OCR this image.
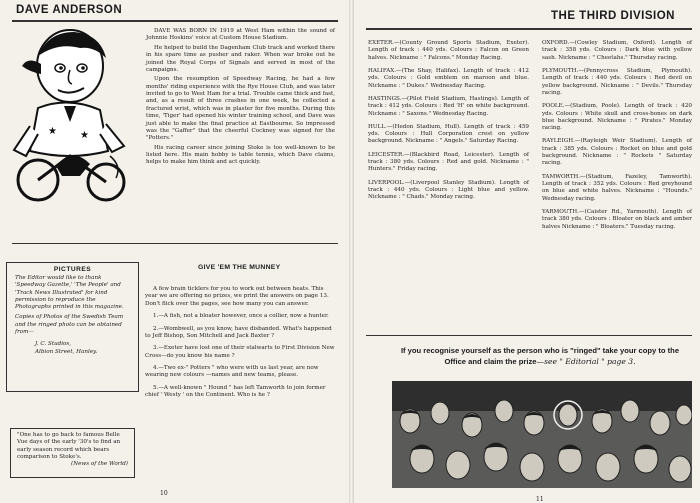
DAVE ANDERSON
★ ★

DAVE WAS BORN IN 1919 at West Ham within the sound of Johnnie Hoskins' voice at Custom House Stadium.

He helped to build the Dagenham Club track and worked there in his spare time as pusher and raker. When war broke out he joined the Royal Corps of Signals and served in most of the campaigns.

Upon the resumption of Speedway Racing, he had a few months' riding experience with the Rye House Club, and was later invited to go to West Ham for a trial. Trouble came thick and fast, and, as a result of three crashes in one week, he collected a fractured wrist, which was in plaster for five months. During this time, 'Tiger' had opened his winter training school, and Dave was just able to make the final practice at Eastbourne. So impressed was the "Gaffer" that the cheerful Cockney was signed for the "Potters."

His racing career since joining Stoke is too well-known to be listed here. His main hobby is table tennis, which Dave claims, helps to make him think and act quickly.

PICTURES

The Editor would like to thank 'Speedway Gazette,' 'The People' and 'Track News Illustrated' for kind permission to reproduce the Photographs printed in this magazine.

Copies of Photos of the Swedish Team and the ringed photo can be obtained from—

J. C. Studios,
Albion Street, Hanley.
"One has to go back to famous Belle Vue days of the early '30's to find an early season record which bears comparison to Stoke's.
(News of the World)
GIVE 'EM THE MUNNEY

A few brain ticklers for you to work out between heats. This year we are offering no prizes, we print the answers on page 13. Don't flick over the pages, see how many you can answer.

1.—A fish, not a bloater however, once a collier, now a hunter.

2.—Wombwell, as you know, have disbanded. What's happened to Jeff Bishop, Son Mitchell and Jack Baxter ?

3.—Exeter have lost one of their stalwarts to First Division New Cross—do you know his name ?

4.—Two ex-" Potters " who were with us last year, are now wearing new colours —names and new teams, please.

5.—A well-known " Hound " has left Tamworth to join former chief ' Westy ' on the Continent. Who is he ?

10
THE THIRD DIVISION

EXETER.—(County Ground Sports Stadium, Exeter). Length of track : 440 yds. Colours : Falcon on Green halves. Nickname : " Falcons." Monday Racing.

HALIFAX.—(The Shay, Halifax). Length of track : 412 yds. Colours : Gold emblem on maroon and blue. Nickname : " Dukes." Wednesday Racing.

HASTINGS.—(Pilot Field Stadium, Hastings). Length of track : 412 yds. Colours : Red 'H' on white background. Nickname : " Saxons." Wednesday Racing.

HULL.—(Hedon Stadium, Hull). Length of track : 459 yds. Colours : Hull Corporation crest on yellow background. Nickname : " Angels." Saturday Racing.

LEICESTER.—(Blackbird Road, Leicester). Length of track : 380 yds. Colours : Red and gold. Nickname : " Hunters." Friday racing.

LIVERPOOL.—(Liverpool Stanley Stadium). Length of track : 440 yds. Colours : Light blue and yellow. Nickname : " Chads." Monday racing.

OXFORD.—(Cowley Stadium, Oxford). Length of track : 358 yds. Colours : Dark blue with yellow sash. Nickname : " Cheetahs." Thursday racing.

PLYMOUTH.—(Pennycross Stadium, Plymouth). Length of track : 440 yds. Colours : Red devil on yellow background. Nickname : " Devils." Thursday racing.

POOLE.—(Stadium, Poole). Length of track : 420 yds. Colours : White skull and cross-bones on dark blue background. Nickname : " Pirates." Monday racing.

RAYLEIGH.—(Rayleigh Weir Stadium). Length of track : 385 yds. Colours : Rocket on blue and gold background. Nickname : " Rockets " Saturday racing.

TAMWORTH.—(Stadium, Fazeley, Tamworth). Length of track : 352 yds. Colours : Red greyhound on blue and white halves. Nickname : "Hounds." Wednesday racing.

YARMOUTH.—(Caister Rd., Yarmouth). Length of track 380 yds. Colours : Bloater on black and amber halves Nickname : " Bloaters." Tuesday racing.

If you recognise yourself as the person who is "ringed" take your copy to the Office and claim the prize—see " Editorial " page 3.
11
